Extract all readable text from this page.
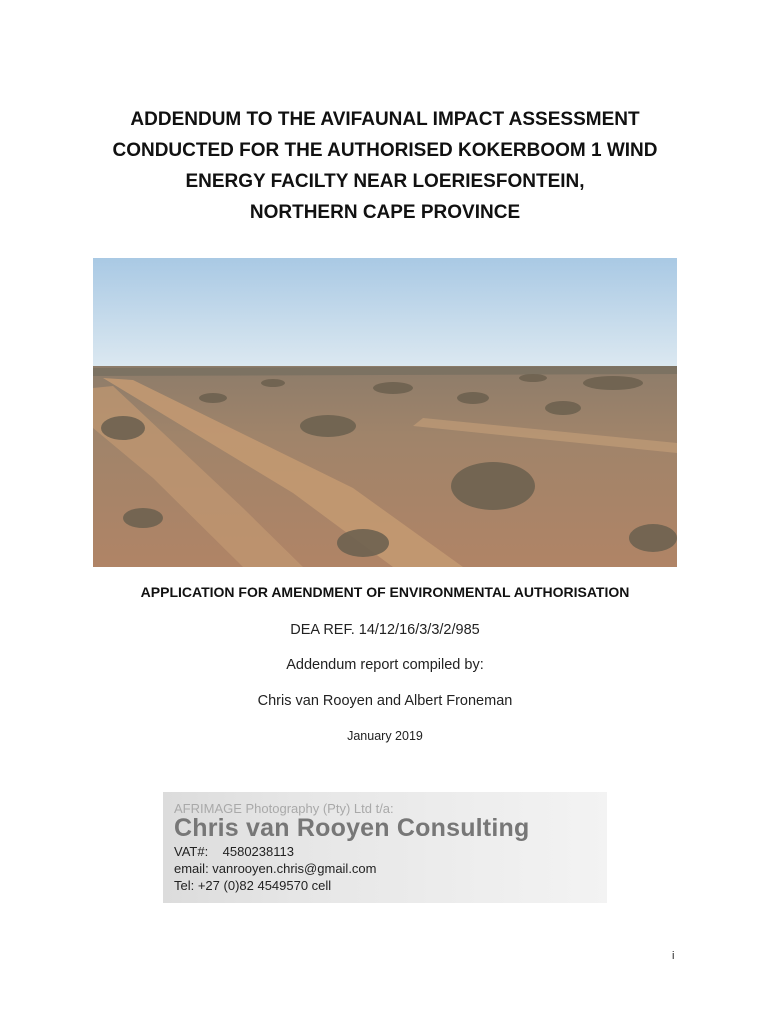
ADDENDUM TO THE AVIFAUNAL IMPACT ASSESSMENT
CONDUCTED FOR THE AUTHORISED KOKERBOOM 1 WIND
ENERGY FACILTY NEAR LOERIESFONTEIN,
NORTHERN CAPE PROVINCE
APPLICATION FOR AMENDMENT OF ENVIRONMENTAL AUTHORISATION
DEA REF. 14/12/16/3/3/2/985
Addendum report compiled by:
Chris van Rooyen and Albert Froneman
January 2019
AFRIMAGE Photography (Pty) Ltd t/a:
Chris van Rooyen Consulting
VAT#:    4580238113
email: vanrooyen.chris@gmail.com
Tel: +27 (0)82 4549570 cell
i
